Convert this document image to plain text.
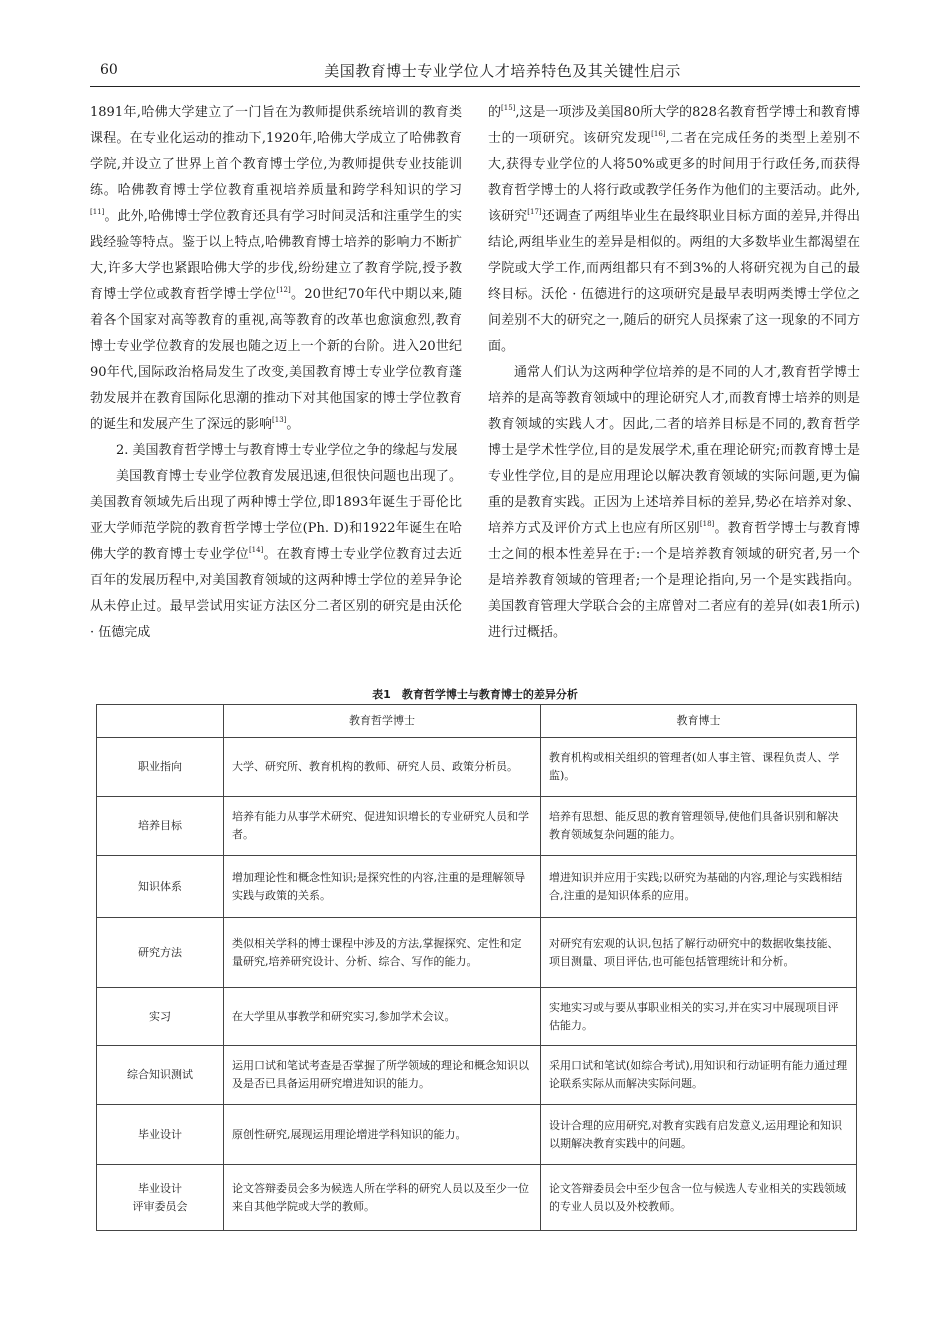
60	美国教育博士专业学位人才培养特色及其关键性启示

1891年,哈佛大学建立了一门旨在为教师提供系统培训的教育类课程。在专业化运动的推动下,1920年,哈佛大学成立了哈佛教育学院,并设立了世界上首个教育博士学位,为教师提供专业技能训练。哈佛教育博士学位教育重视培养质量和跨学科知识的学习[11]。此外,哈佛博士学位教育还具有学习时间灵活和注重学生的实践经验等特点。鉴于以上特点,哈佛教育博士培养的影响力不断扩大,许多大学也紧跟哈佛大学的步伐,纷纷建立了教育学院,授予教育博士学位或教育哲学博士学位[12]。20世纪70年代中期以来,随着各个国家对高等教育的重视,高等教育的改革也愈演愈烈,教育博士专业学位教育的发展也随之迈上一个新的台阶。进入20世纪90年代,国际政治格局发生了改变,美国教育博士专业学位教育蓬勃发展并在教育国际化思潮的推动下对其他国家的博士学位教育的诞生和发展产生了深远的影响[13]。

2. 美国教育哲学博士与教育博士专业学位之争的缘起与发展

美国教育博士专业学位教育发展迅速,但很快问题也出现了。美国教育领域先后出现了两种博士学位,即1893年诞生于哥伦比亚大学师范学院的教育哲学博士学位(Ph. D)和1922年诞生在哈佛大学的教育博士专业学位[14]。在教育博士专业学位教育过去近百年的发展历程中,对美国教育领域的这两种博士学位的差异争论从未停止过。最早尝试用实证方法区分二者区别的研究是由沃伦 · 伍德完成

的[15],这是一项涉及美国80所大学的828名教育哲学博士和教育博士的一项研究。该研究发现[16],二者在完成任务的类型上差别不大,获得专业学位的人将50%或更多的时间用于行政任务,而获得教育哲学博士的人将行政或教学任务作为他们的主要活动。此外,该研究[17]还调查了两组毕业生在最终职业目标方面的差异,并得出结论,两组毕业生的差异是相似的。两组的大多数毕业生都渴望在学院或大学工作,而两组都只有不到3%的人将研究视为自己的最终目标。沃伦 · 伍德进行的这项研究是最早表明两类博士学位之间差别不大的研究之一,随后的研究人员探索了这一现象的不同方面。

通常人们认为这两种学位培养的是不同的人才,教育哲学博士培养的是高等教育领域中的理论研究人才,而教育博士培养的则是教育领域的实践人才。因此,二者的培养目标是不同的,教育哲学博士是学术性学位,目的是发展学术,重在理论研究;而教育博士是专业性学位,目的是应用理论以解决教育领域的实际问题,更为偏重的是教育实践。正因为上述培养目标的差异,势必在培养对象、培养方式及评价方式上也应有所区别[18]。教育哲学博士与教育博士之间的根本性差异在于:一个是培养教育领域的研究者,另一个是培养教育领域的管理者;一个是理论指向,另一个是实践指向。美国教育管理大学联合会的主席曾对二者应有的差异(如表1所示)进行过概括。

表1　教育哲学博士与教育博士的差异分析
	教育哲学博士	教育博士
职业指向	大学、研究所、教育机构的教师、研究人员、政策分析员。	教育机构或相关组织的管理者(如人事主管、课程负责人、学监)。
培养目标	培养有能力从事学术研究、促进知识增长的专业研究人员和学者。	培养有思想、能反思的教育管理领导,使他们具备识别和解决教育领域复杂问题的能力。
知识体系	增加理论性和概念性知识;是探究性的内容,注重的是理解领导实践与政策的关系。	增进知识并应用于实践;以研究为基础的内容,理论与实践相结合,注重的是知识体系的应用。
研究方法	类似相关学科的博士课程中涉及的方法,掌握探究、定性和定量研究,培养研究设计、分析、综合、写作的能力。	对研究有宏观的认识,包括了解行动研究中的数据收集技能、项目测量、项目评估,也可能包括管理统计和分析。
实习	在大学里从事教学和研究实习,参加学术会议。	实地实习或与要从事职业相关的实习,并在实习中展现项目评估能力。
综合知识测试	运用口试和笔试考查是否掌握了所学领域的理论和概念知识以及是否已具备运用研究增进知识的能力。	采用口试和笔试(如综合考试),用知识和行动证明有能力通过理论联系实际从而解决实际问题。
毕业设计	原创性研究,展现运用理论增进学科知识的能力。	设计合理的应用研究,对教育实践有启发意义,运用理论和知识以期解决教育实践中的问题。
毕业设计
评审委员会	论文答辩委员会多为候选人所在学科的研究人员以及至少一位来自其他学院或大学的教师。	论文答辩委员会中至少包含一位与候选人专业相关的实践领域的专业人员以及外校教师。
